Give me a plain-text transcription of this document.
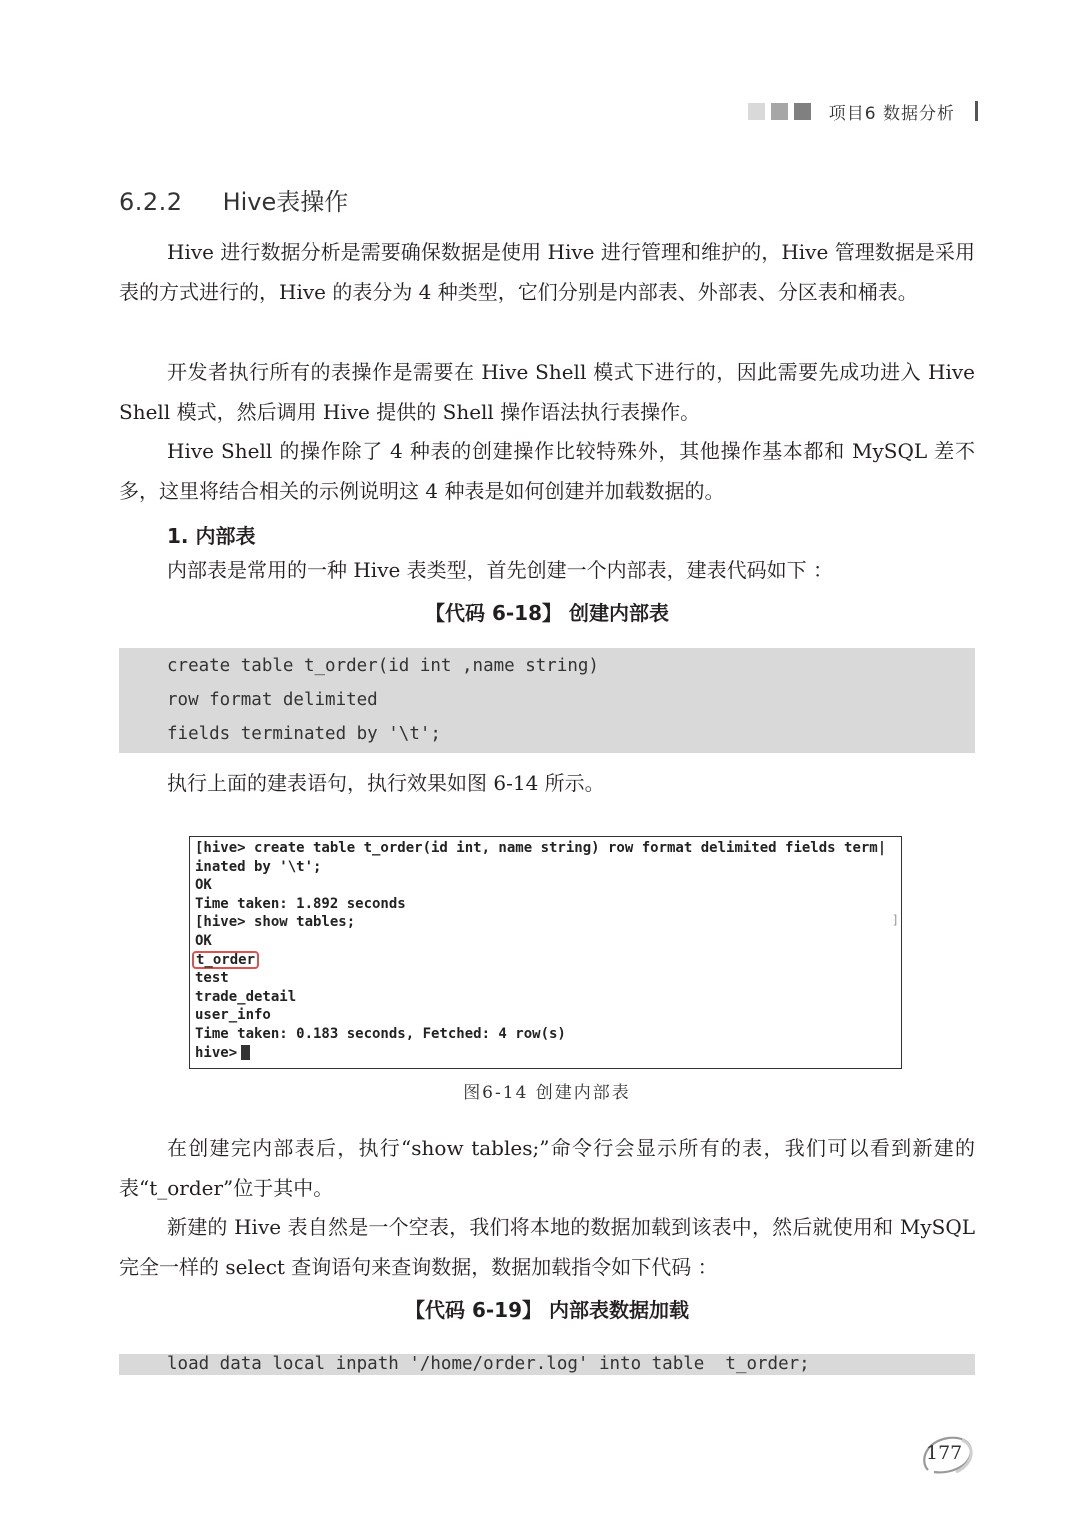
项目6 数据分析
6.2.2 Hive表操作

Hive 进行数据分析是需要确保数据是使用 Hive 进行管理和维护的，Hive 管理数据是采用表的方式进行的，Hive 的表分为 4 种类型，它们分别是内部表、外部表、分区表和桶表。

开发者执行所有的表操作是需要在 Hive Shell 模式下进行的，因此需要先成功进入 Hive Shell 模式，然后调用 Hive 提供的 Shell 操作语法执行表操作。

Hive Shell 的操作除了 4 种表的创建操作比较特殊外，其他操作基本都和 MySQL 差不多，这里将结合相关的示例说明这 4 种表是如何创建并加载数据的。

1. 内部表

内部表是常用的一种 Hive 表类型，首先创建一个内部表，建表代码如下 ：

【代码 6-18】 创建内部表
create table t_order(id int ,name string)
row format delimited
fields terminated by '\t';

执行上面的建表语句，执行效果如图 6-14 所示。

[hive> create table t_order(id int, name string) row format delimited fields term|
inated by '\t';
OK
Time taken: 1.892 seconds
[hive> show tables;
OK
t_order
test
trade_detail
user_info
Time taken: 0.183 seconds, Fetched: 4 row(s)
hive>
]
图6-14 创建内部表

在创建完内部表后，执行“show tables;”命令行会显示所有的表，我们可以看到新建的表“t_order”位于其中。

新建的 Hive 表自然是一个空表，我们将本地的数据加载到该表中，然后就使用和 MySQL 完全一样的 select 查询语句来查询数据，数据加载指令如下代码 ：

【代码 6-19】 内部表数据加载
load data local inpath '/home/order.log' into table  t_order;
177
